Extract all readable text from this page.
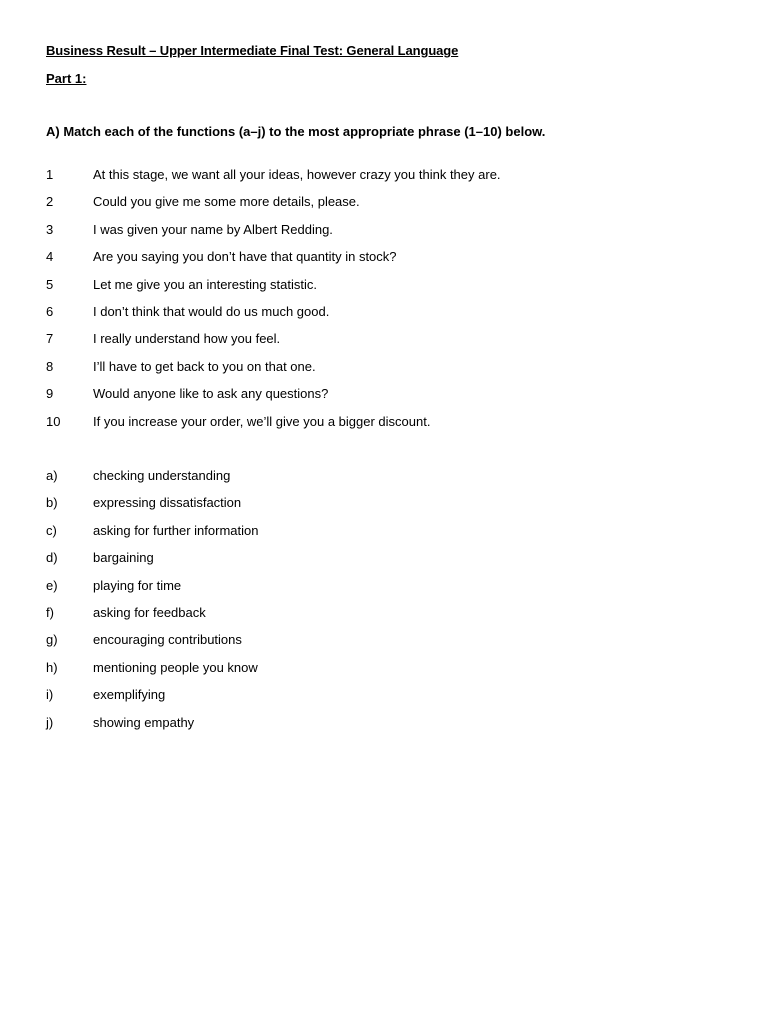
Business Result – Upper Intermediate Final Test: General Language
Part 1:
A) Match each of the functions (a–j) to the most appropriate phrase (1–10) below.
1	At this stage, we want all your ideas, however crazy you think they are.
2	Could you give me some more details, please.
3	I was given your name by Albert Redding.
4	Are you saying you don’t have that quantity in stock?
5	Let me give you an interesting statistic.
6	I don’t think that would do us much good.
7	I really understand how you feel.
8	I’ll have to get back to you on that one.
9	Would anyone like to ask any questions?
10	If you increase your order, we’ll give you a bigger discount.
a)	checking understanding
b)	expressing dissatisfaction
c)	asking for further information
d)	bargaining
e)	playing for time
f)	asking for feedback
g)	encouraging contributions
h)	mentioning people you know
i)	exemplifying
j)	showing empathy
